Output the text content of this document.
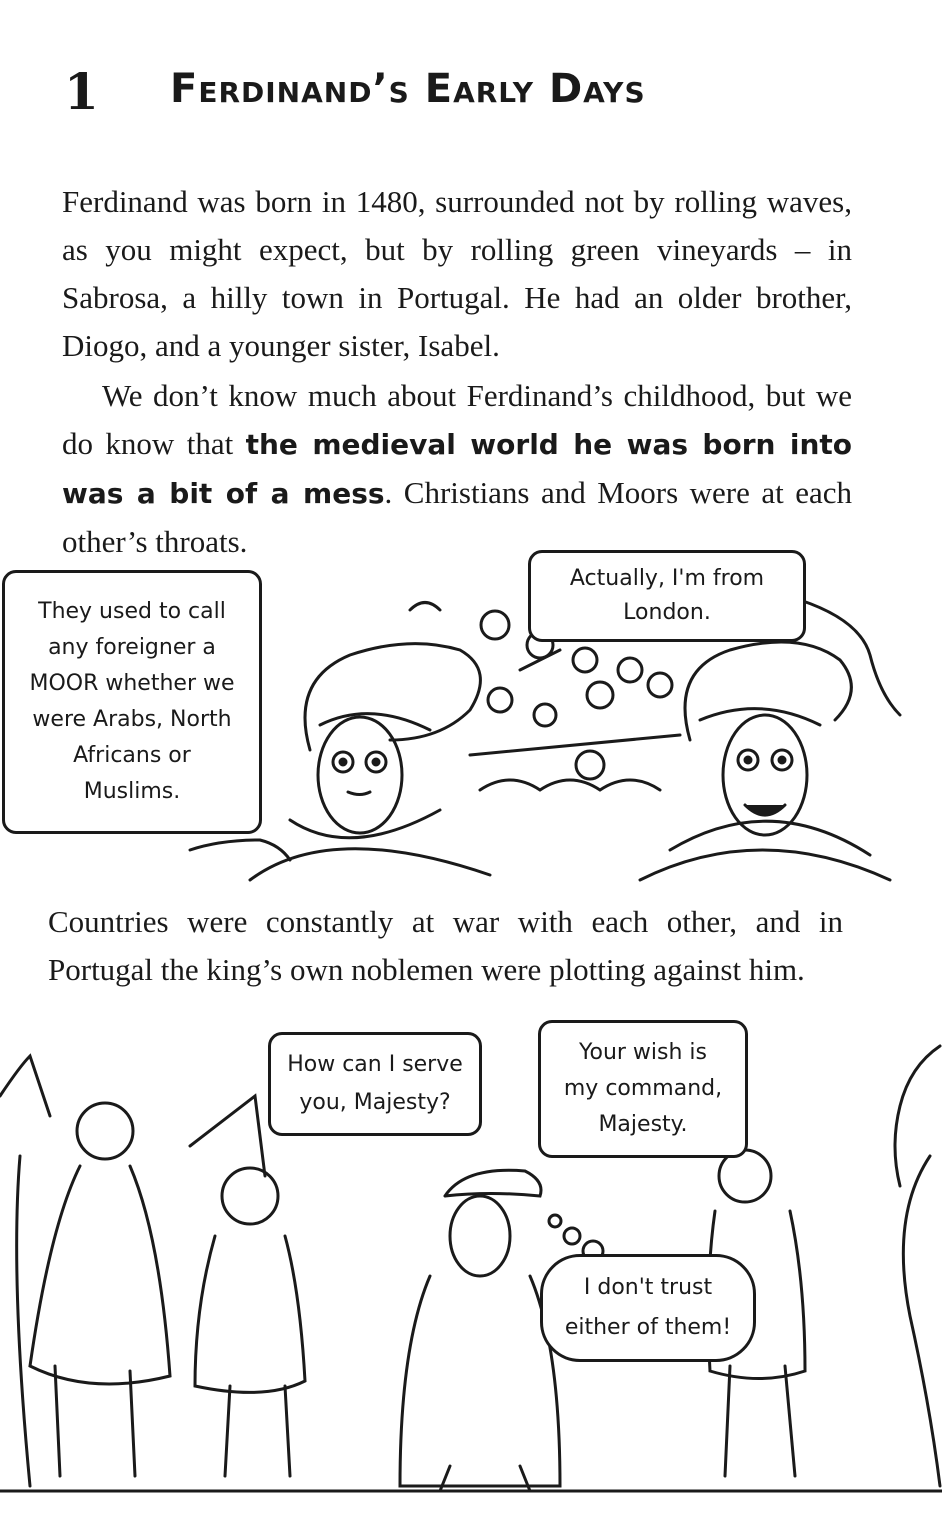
1 Ferdinand’s Early Days

Ferdinand was born in 1480, surrounded not by rolling waves, as you might expect, but by rolling green vineyards – in Sabrosa, a hilly town in Portugal. He had an older brother, Diogo, and a younger sister, Isabel.

We don’t know much about Ferdinand’s childhood, but we do know that the medieval world he was born into was a bit of a mess. Christians and Moors were at each other’s throats.

They used to call
any foreigner a
MOOR whether we
were Arabs, North
Africans or
Muslims.
Actually, I'm from
London.

Countries were constantly at war with each other, and in Portugal the king’s own noblemen were plotting against him.

How can I serve
you, Majesty?
Your wish is
my command,
Majesty.
I don't trust
either of them!
